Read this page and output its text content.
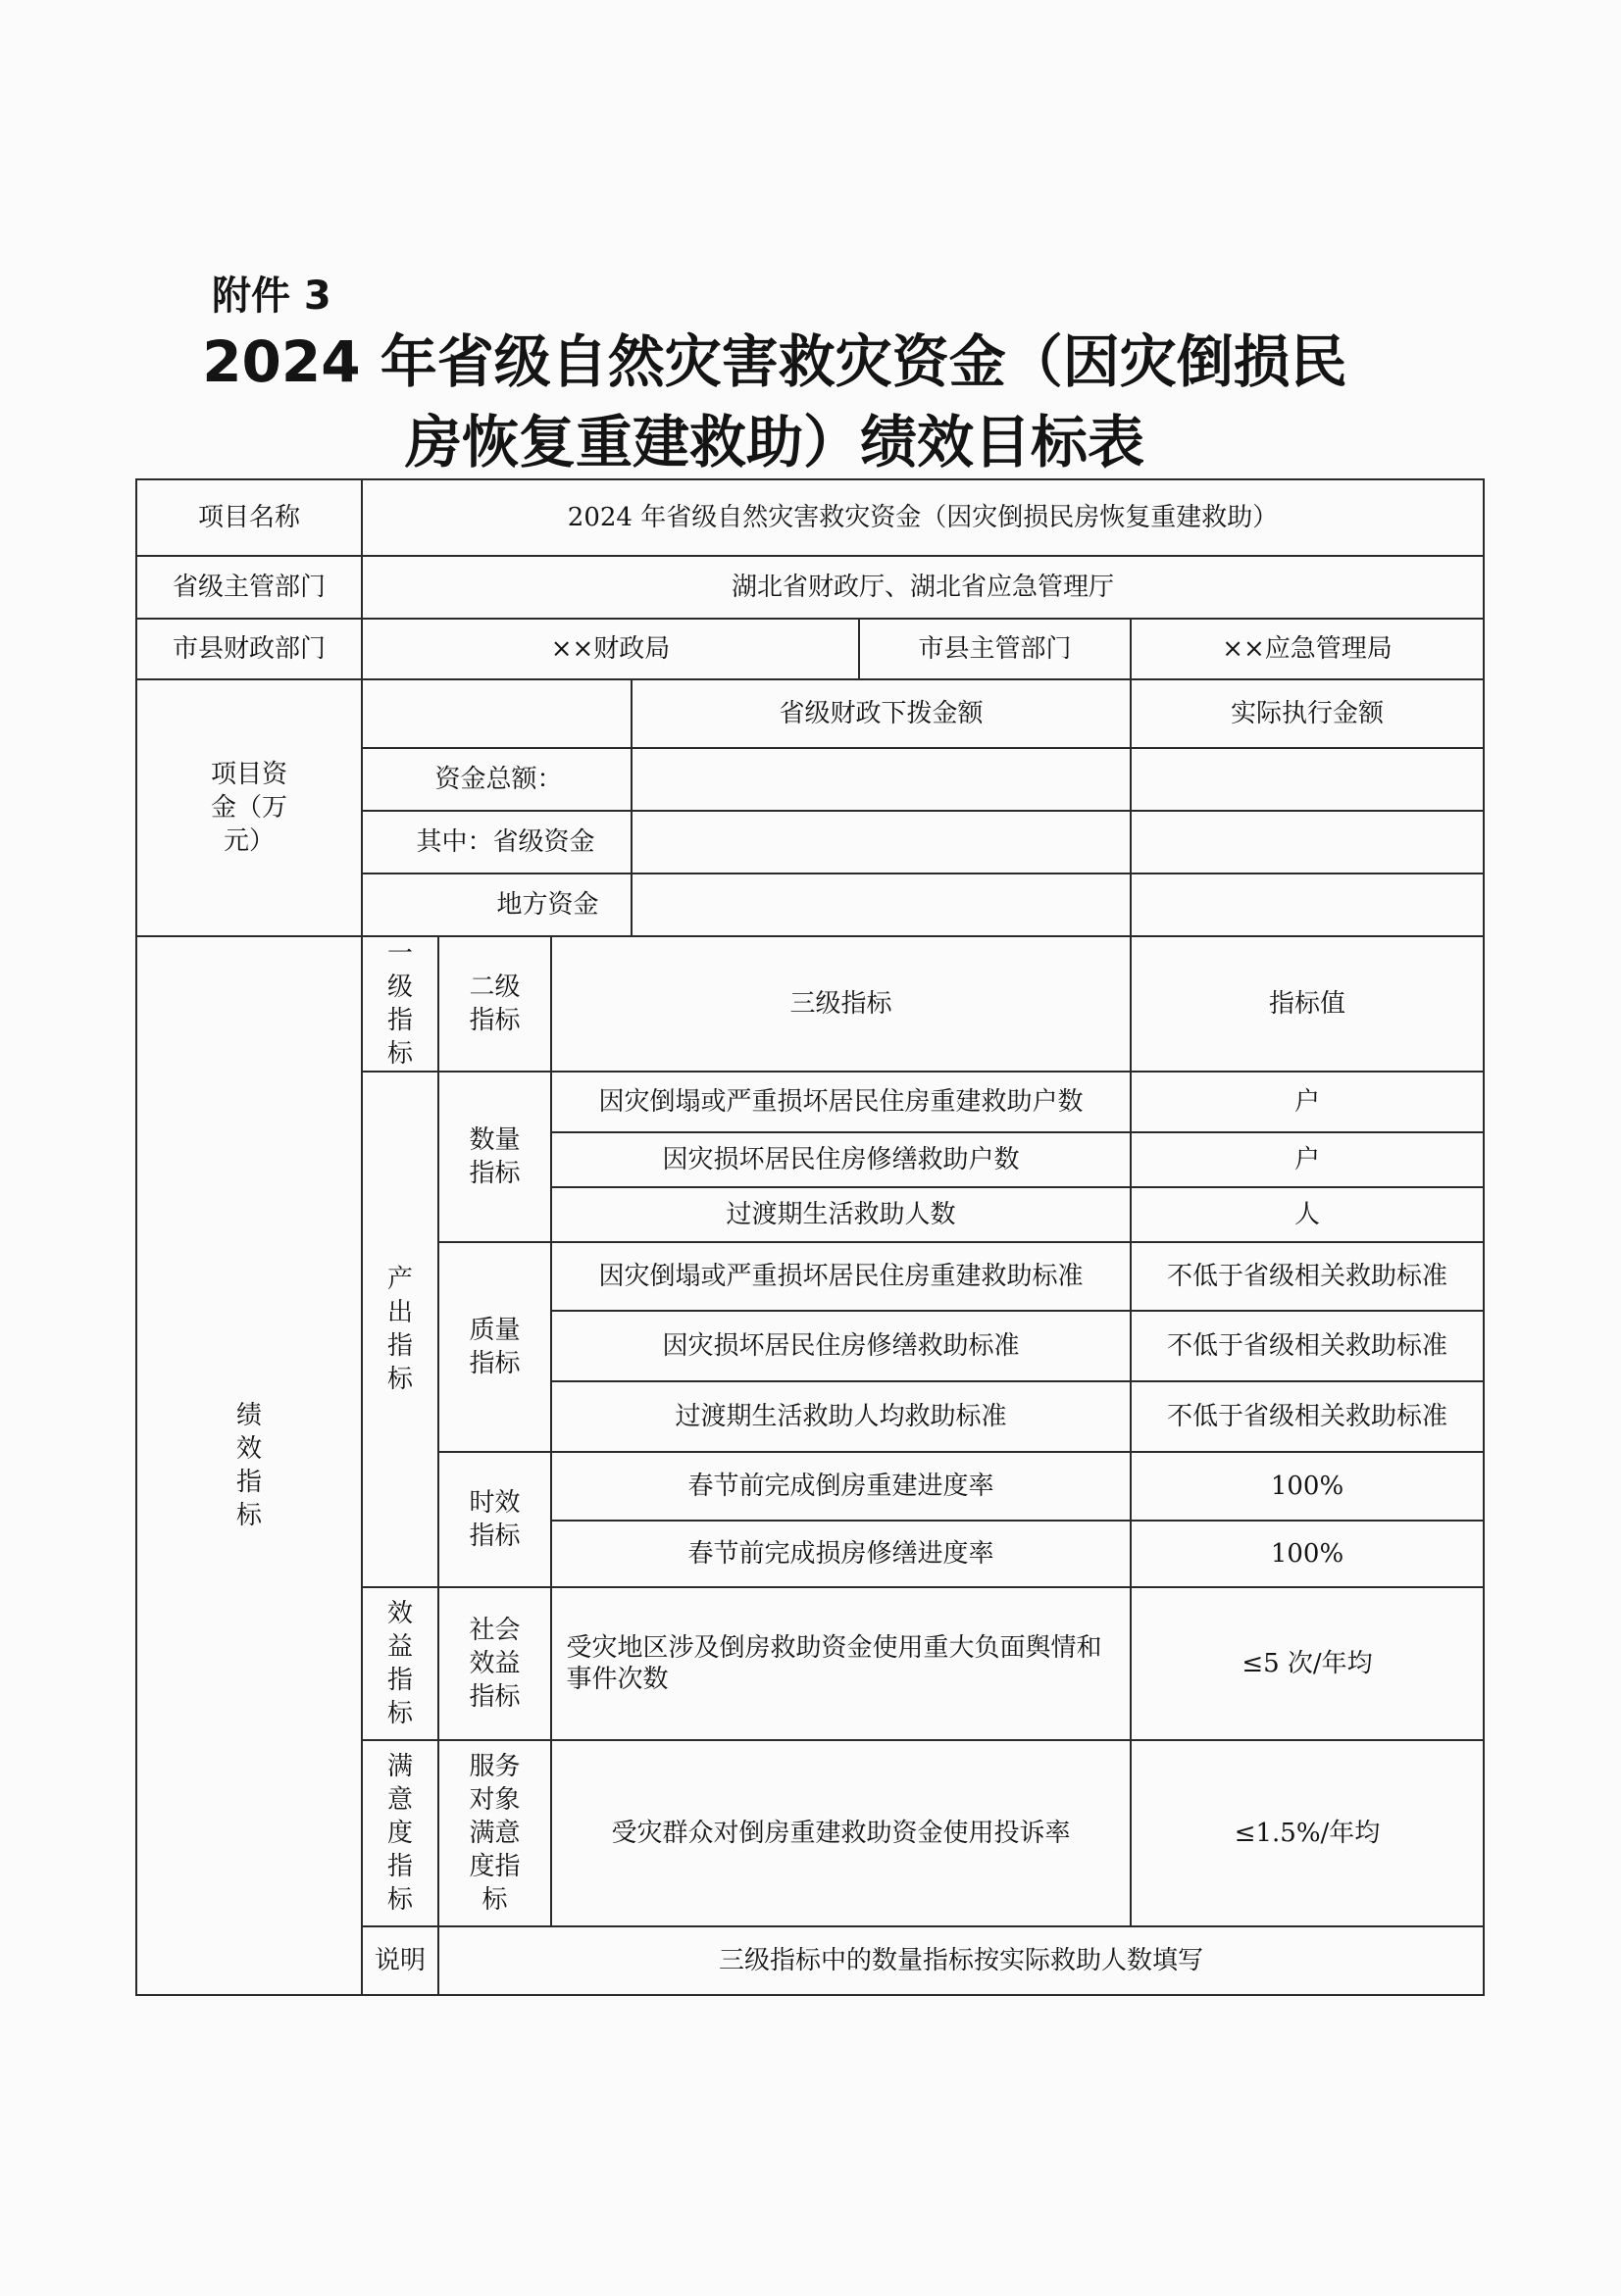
附件 3
2024 年省级自然灾害救灾资金（因灾倒损民
房恢复重建救助）绩效目标表
项目名称	2024 年省级自然灾害救灾资金（因灾倒损民房恢复重建救助）					
省级主管部门	湖北省财政厅、湖北省应急管理厅					
市县财政部门	××财政局				市县主管部门	××应急管理局
项目资金（万元）				省级财政下拨金额		实际执行金额
	资金总额：					
	其中：省级资金					
	地方资金					
绩效指标	一级指标	二级指标	三级指标			指标值
	产出指标	数量指标	因灾倒塌或严重损坏居民住房重建救助户数			户
			因灾损坏居民住房修缮救助户数			户
			过渡期生活救助人数			人
		质量指标	因灾倒塌或严重损坏居民住房重建救助标准			不低于省级相关救助标准
			因灾损坏居民住房修缮救助标准			不低于省级相关救助标准
			过渡期生活救助人均救助标准			不低于省级相关救助标准
		时效指标	春节前完成倒房重建进度率			100%
			春节前完成损房修缮进度率			100%
	效益指标	社会效益指标	受灾地区涉及倒房救助资金使用重大负面舆情和事件次数			≤5 次/年均
	满意度指标	服务对象满意度指标	受灾群众对倒房重建救助资金使用投诉率			≤1.5%/年均
	说明	三级指标中的数量指标按实际救助人数填写				
